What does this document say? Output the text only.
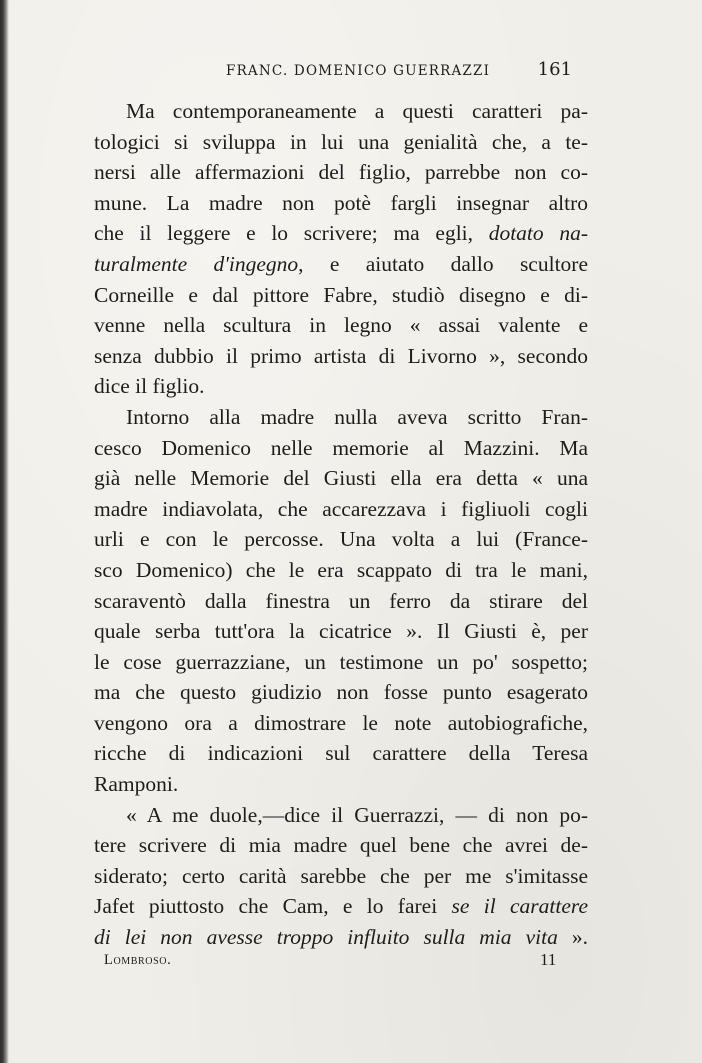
FRANC. DOMENICO GUERRAZZI	161
Ma contemporaneamente a questi caratteri pa-
tologici si sviluppa in lui una genialità che, a te-
nersi alle affermazioni del figlio, parrebbe non co-
mune. La madre non potè fargli insegnar altro
che il leggere e lo scrivere; ma egli, dotato na-
turalmente d'ingegno, e aiutato dallo scultore
Corneille e dal pittore Fabre, studiò disegno e di-
venne nella scultura in legno « assai valente e
senza dubbio il primo artista di Livorno », secondo
dice il figlio.
Intorno alla madre nulla aveva scritto Fran-
cesco Domenico nelle memorie al Mazzini. Ma
già nelle Memorie del Giusti ella era detta « una
madre indiavolata, che accarezzava i figliuoli cogli
urli e con le percosse. Una volta a lui (France-
sco Domenico) che le era scappato di tra le mani,
scaraventò dalla finestra un ferro da stirare del
quale serba tutt'ora la cicatrice ». Il Giusti è, per
le cose guerrazziane, un testimone un po' sospetto;
ma che questo giudizio non fosse punto esagerato
vengono ora a dimostrare le note autobiografiche,
ricche di indicazioni sul carattere della Teresa
Ramponi.
« A me duole,—dice il Guerrazzi, — di non po-
tere scrivere di mia madre quel bene che avrei de-
siderato; certo carità sarebbe che per me s'imitasse
Jafet piuttosto che Cam, e lo farei se il carattere
di lei non avesse troppo influito sulla mia vita ».
Lombroso.	11
